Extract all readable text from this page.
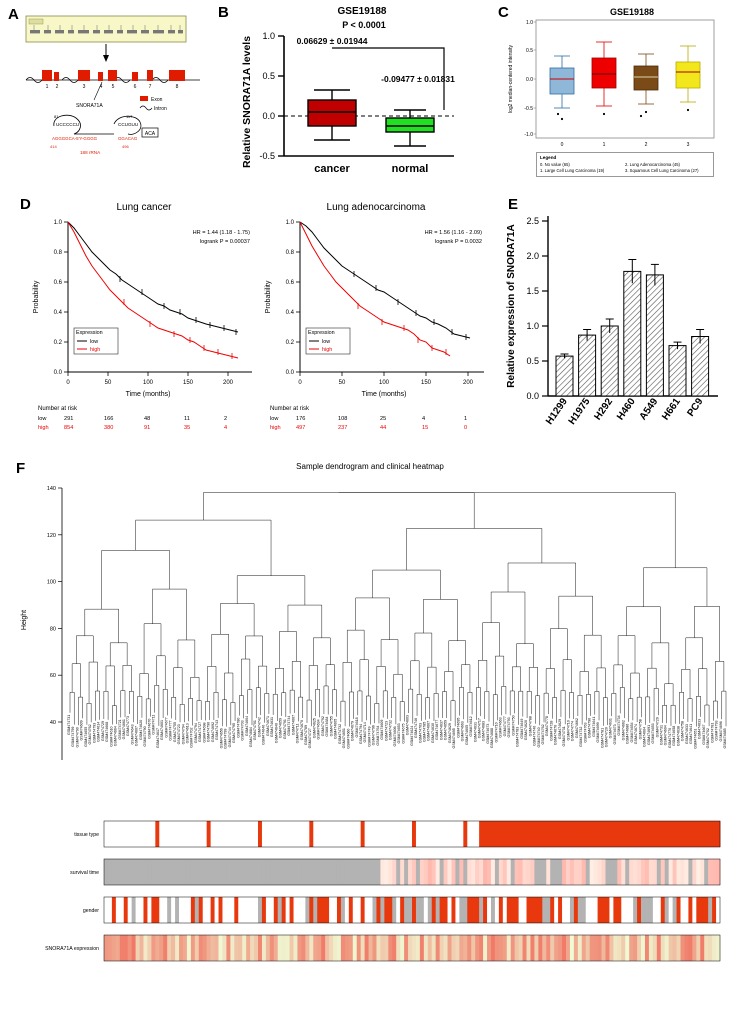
A
1 2	3	4 5	6 7	8
Exon
Intron
SNORA71A
ACA
UCCCCCU	CCUGUU
81	117
AGGGGCA-5'Y-GGGG	GGACAG
414	496
188 rRNA
B	GSE19188
P < 0.0001
1.0
0.5
0.0
-0.5
0.06629 ± 0.01944
-0.09477 ± 0.01831
cancer	normal
Relative SNORA71A levels
C	GSE19188
1.0
0.5
0.0
-0.5
-1.0
0	1	2	3
log2 median-centered intensity
Legend
0. No value (65)
1. Large Cell Lung Carcinoma (19)
2. Lung Adenocarcinoma (45)
3. Squamous Cell Lung Carcinoma (27)
D	Lung cancer
1.0
0.8
0.6
0.4
0.2
0.0
0	50	100	150	200
Time (months)
Probability
HR = 1.44 (1.18 - 1.75)
logrank P = 0.00037
Expression
low
high
Number at risk
low	291	166	48	11	2
high	854	380	91	35	4
Lung adenocarcinoma
1.0
0.8
0.6
0.4
0.2
0.0
0	50	100	150	200
Time (months)
Probability
HR = 1.56 (1.16 - 2.09)
logrank P = 0.0032
Expression
low
high
Number at risk
low	176	108	25	4	1
high	497	237	44	15	0
E
0.0
0.5
1.0
1.5
2.0
2.5
H1299
H1975 H292 H460 A549 H661 PC9
Relative expression of SNORA71A
F	Sample dendrogram and clinical heatmap
40
60
80
100
120
140
Height
GSM474731
GSM474799 GSM474790 GSM474609 GSM474655 GSM474762 GSM474793 GSM474614 GSM474729 GSM474668 GSM474610 GSM474664 GSM474721 GSM474661 GSM474773 GSM474643 GSM474607 GSM474620 GSM474790 GSM474670 GSM474711
GSM474617 GSM474601 GSM474677 GSM474777 GSM474755 GSM474723 GSM474704 GSM474613 GSM474702 GSM474794 GSM474727 GSM474698 GSM474790 GSM474692 GSM474743 GSM474656 GSM474799 GSM474744 GSM474795 GSM474780 GSM474703 GSM474604
GSM474684 GSM474701 GSM474742 GSM474640 GSM474671 GSM474631 GSM474640 GSM474659 GSM474791 GSM474744 GSM474667 GSM474711 GSM474670 GSM474789 GSM474727
GSM474625 GSM474634 GSM474792 GSM474684 GSM474755 GSM474605 GSM474732 GSM474651 GSM474660 GSM474679 GSM474618 GSM474794 GSM474714 GSM474749 GSM474796 GSM474764 GSM474609 GSM474723 GSM474732 GSM474606 GSM474653 GSM474675 GSM474603
GSM474624 GSM474746 GSM474763 GSM474785 GSM474667 GSM474630 GSM474677 GSM474637 GSM474659 GSM474629 GSM474695
GSM474695 GSM474663 GSM474605 GSM474612 GSM474631 GSM474717 GSM474683 GSM474673 GSM474688 GSM474710 GSM474663 GSM474777 GSM474793 GSM474750
GSM474783 GSM474649 GSM474620 GSM474788 GSM474740 GSM474740 GSM474762 GSM474778 GSM474728 GSM474676 GSM474629 GSM474731 GSM474710 GSM474774 GSM474662 GSM474732 GSM474763 GSM474790 GSM474641 GSM474699 GSM474781 GSM474720 GSM474631 GSM474673 GSM474734 GSM474662 GSM474686 GSM474654 GSM474674 GSM474758 GSM474604 GSM474691 GSM474653 GSM474729 GSM474731 GSM474604 GSM474770 GSM474658 GSM474638 GSM474758 GSM474633 GSM474641 GSM474651 GSM474633 GSM474667 GSM474702 GSM474781 GSM474793 GSM474696 GSM474685
tissue type
survival time
gender
SNORA71A expression
